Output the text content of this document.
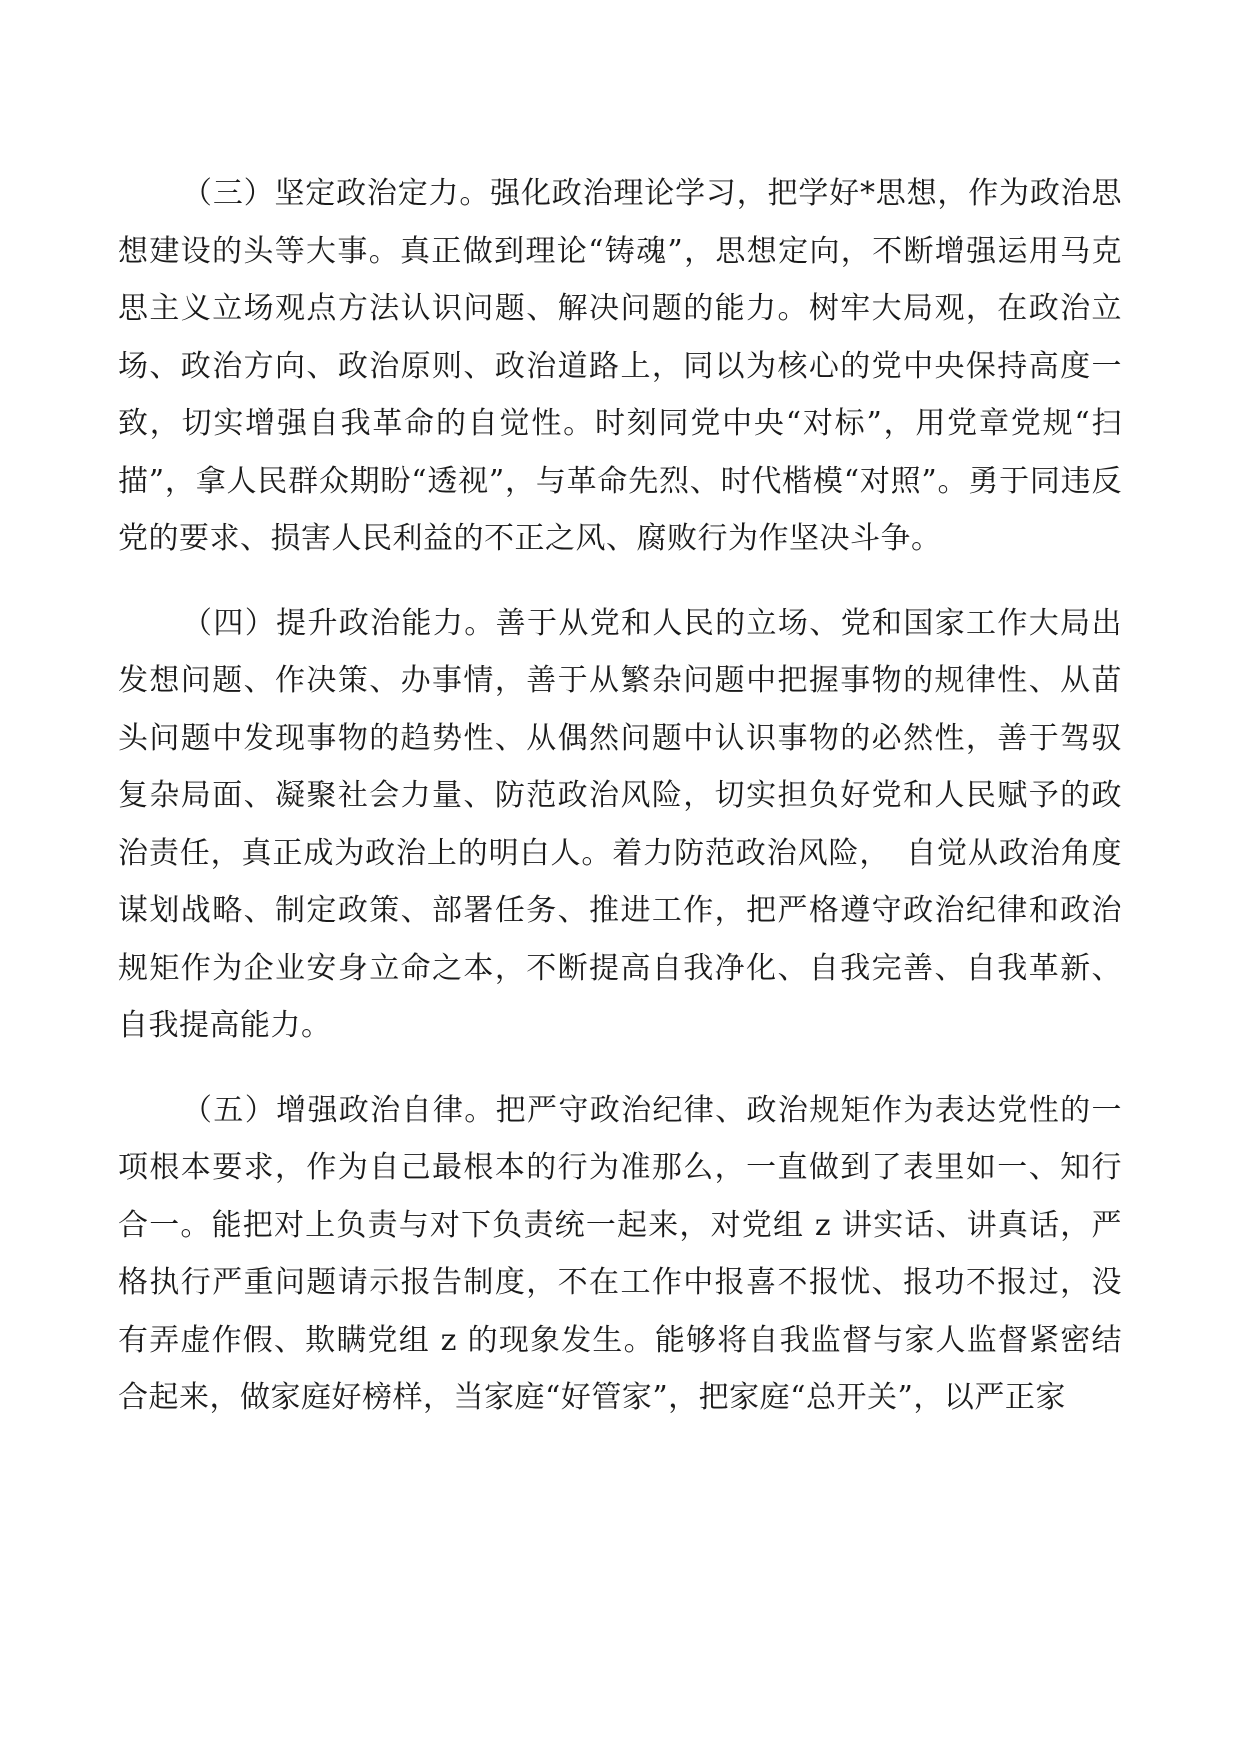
（三）坚定政治定力。强化政治理论学习，把学好*思想，作为政治思想建设的头等大事。真正做到理论“铸魂”，思想定向，不断增强运用马克思主义立场观点方法认识问题、解决问题的能力。树牢大局观，在政治立场、政治方向、政治原则、政治道路上，同以为核心的党中央保持高度一致，切实增强自我革命的自觉性。时刻同党中央“对标”，用党章党规“扫描”，拿人民群众期盼“透视”，与革命先烈、时代楷模“对照”。勇于同违反党的要求、损害人民利益的不正之风、腐败行为作坚决斗争。

（四）提升政治能力。善于从党和人民的立场、党和国家工作大局出发想问题、作决策、办事情，善于从繁杂问题中把握事物的规律性、从苗头问题中发现事物的趋势性、从偶然问题中认识事物的必然性，善于驾驭复杂局面、凝聚社会力量、防范政治风险，切实担负好党和人民赋予的政治责任，真正成为政治上的明白人。着力防范政治风险，　自觉从政治角度谋划战略、制定政策、部署任务、推进工作，把严格遵守政治纪律和政治规矩作为企业安身立命之本，不断提高自我净化、自我完善、自我革新、自我提高能力。

（五）增强政治自律。把严守政治纪律、政治规矩作为表达党性的一项根本要求，作为自己最根本的行为准那么，一直做到了表里如一、知行合一。能把对上负责与对下负责统一起来，对党组 z 讲实话、讲真话，严格执行严重问题请示报告制度，不在工作中报喜不报忧、报功不报过，没有弄虚作假、欺瞒党组 z 的现象发生。能够将自我监督与家人监督紧密结合起来，做家庭好榜样，当家庭“好管家”，把家庭“总开关”，以严正家
